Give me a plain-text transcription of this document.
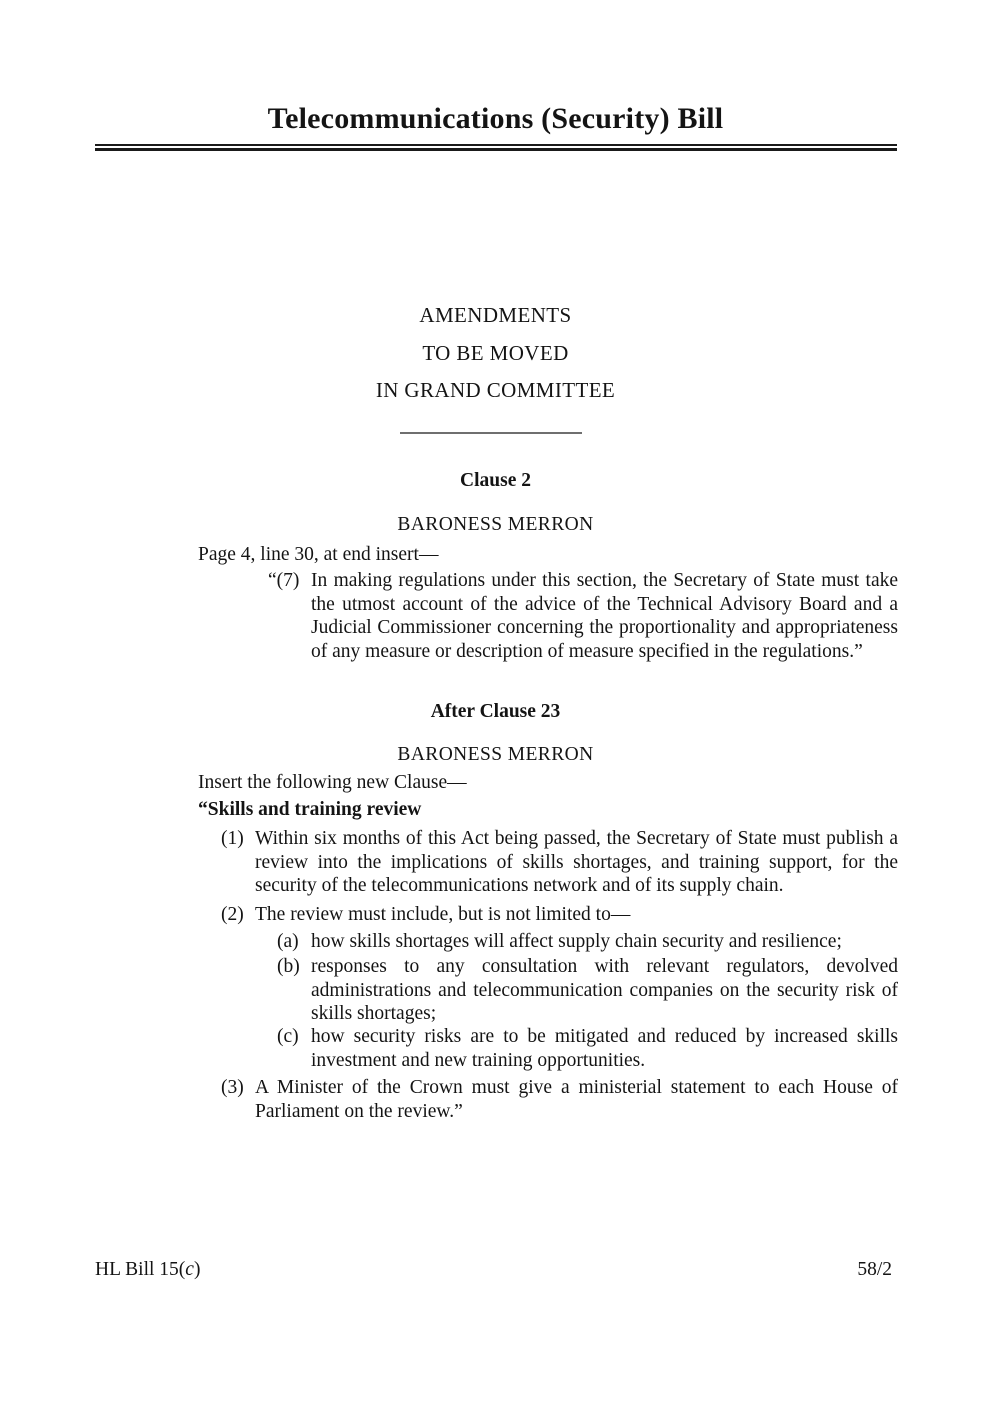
Telecommunications (Security) Bill
AMENDMENTS
TO BE MOVED
IN GRAND COMMITTEE
Clause 2
BARONESS MERRON
Page 4, line 30, at end insert—
“(7) In making regulations under this section, the Secretary of State must take the utmost account of the advice of the Technical Advisory Board and a Judicial Commissioner concerning the proportionality and appropriateness of any measure or description of measure specified in the regulations.”
After Clause 23
BARONESS MERRON
Insert the following new Clause—
“Skills and training review
(1) Within six months of this Act being passed, the Secretary of State must publish a review into the implications of skills shortages, and training support, for the security of the telecommunications network and of its supply chain.
(2) The review must include, but is not limited to—
(a) how skills shortages will affect supply chain security and resilience;
(b) responses to any consultation with relevant regulators, devolved administrations and telecommunication companies on the security risk of skills shortages;
(c) how security risks are to be mitigated and reduced by increased skills investment and new training opportunities.
(3) A Minister of the Crown must give a ministerial statement to each House of Parliament on the review.”
HL Bill 15(c)	58/2
